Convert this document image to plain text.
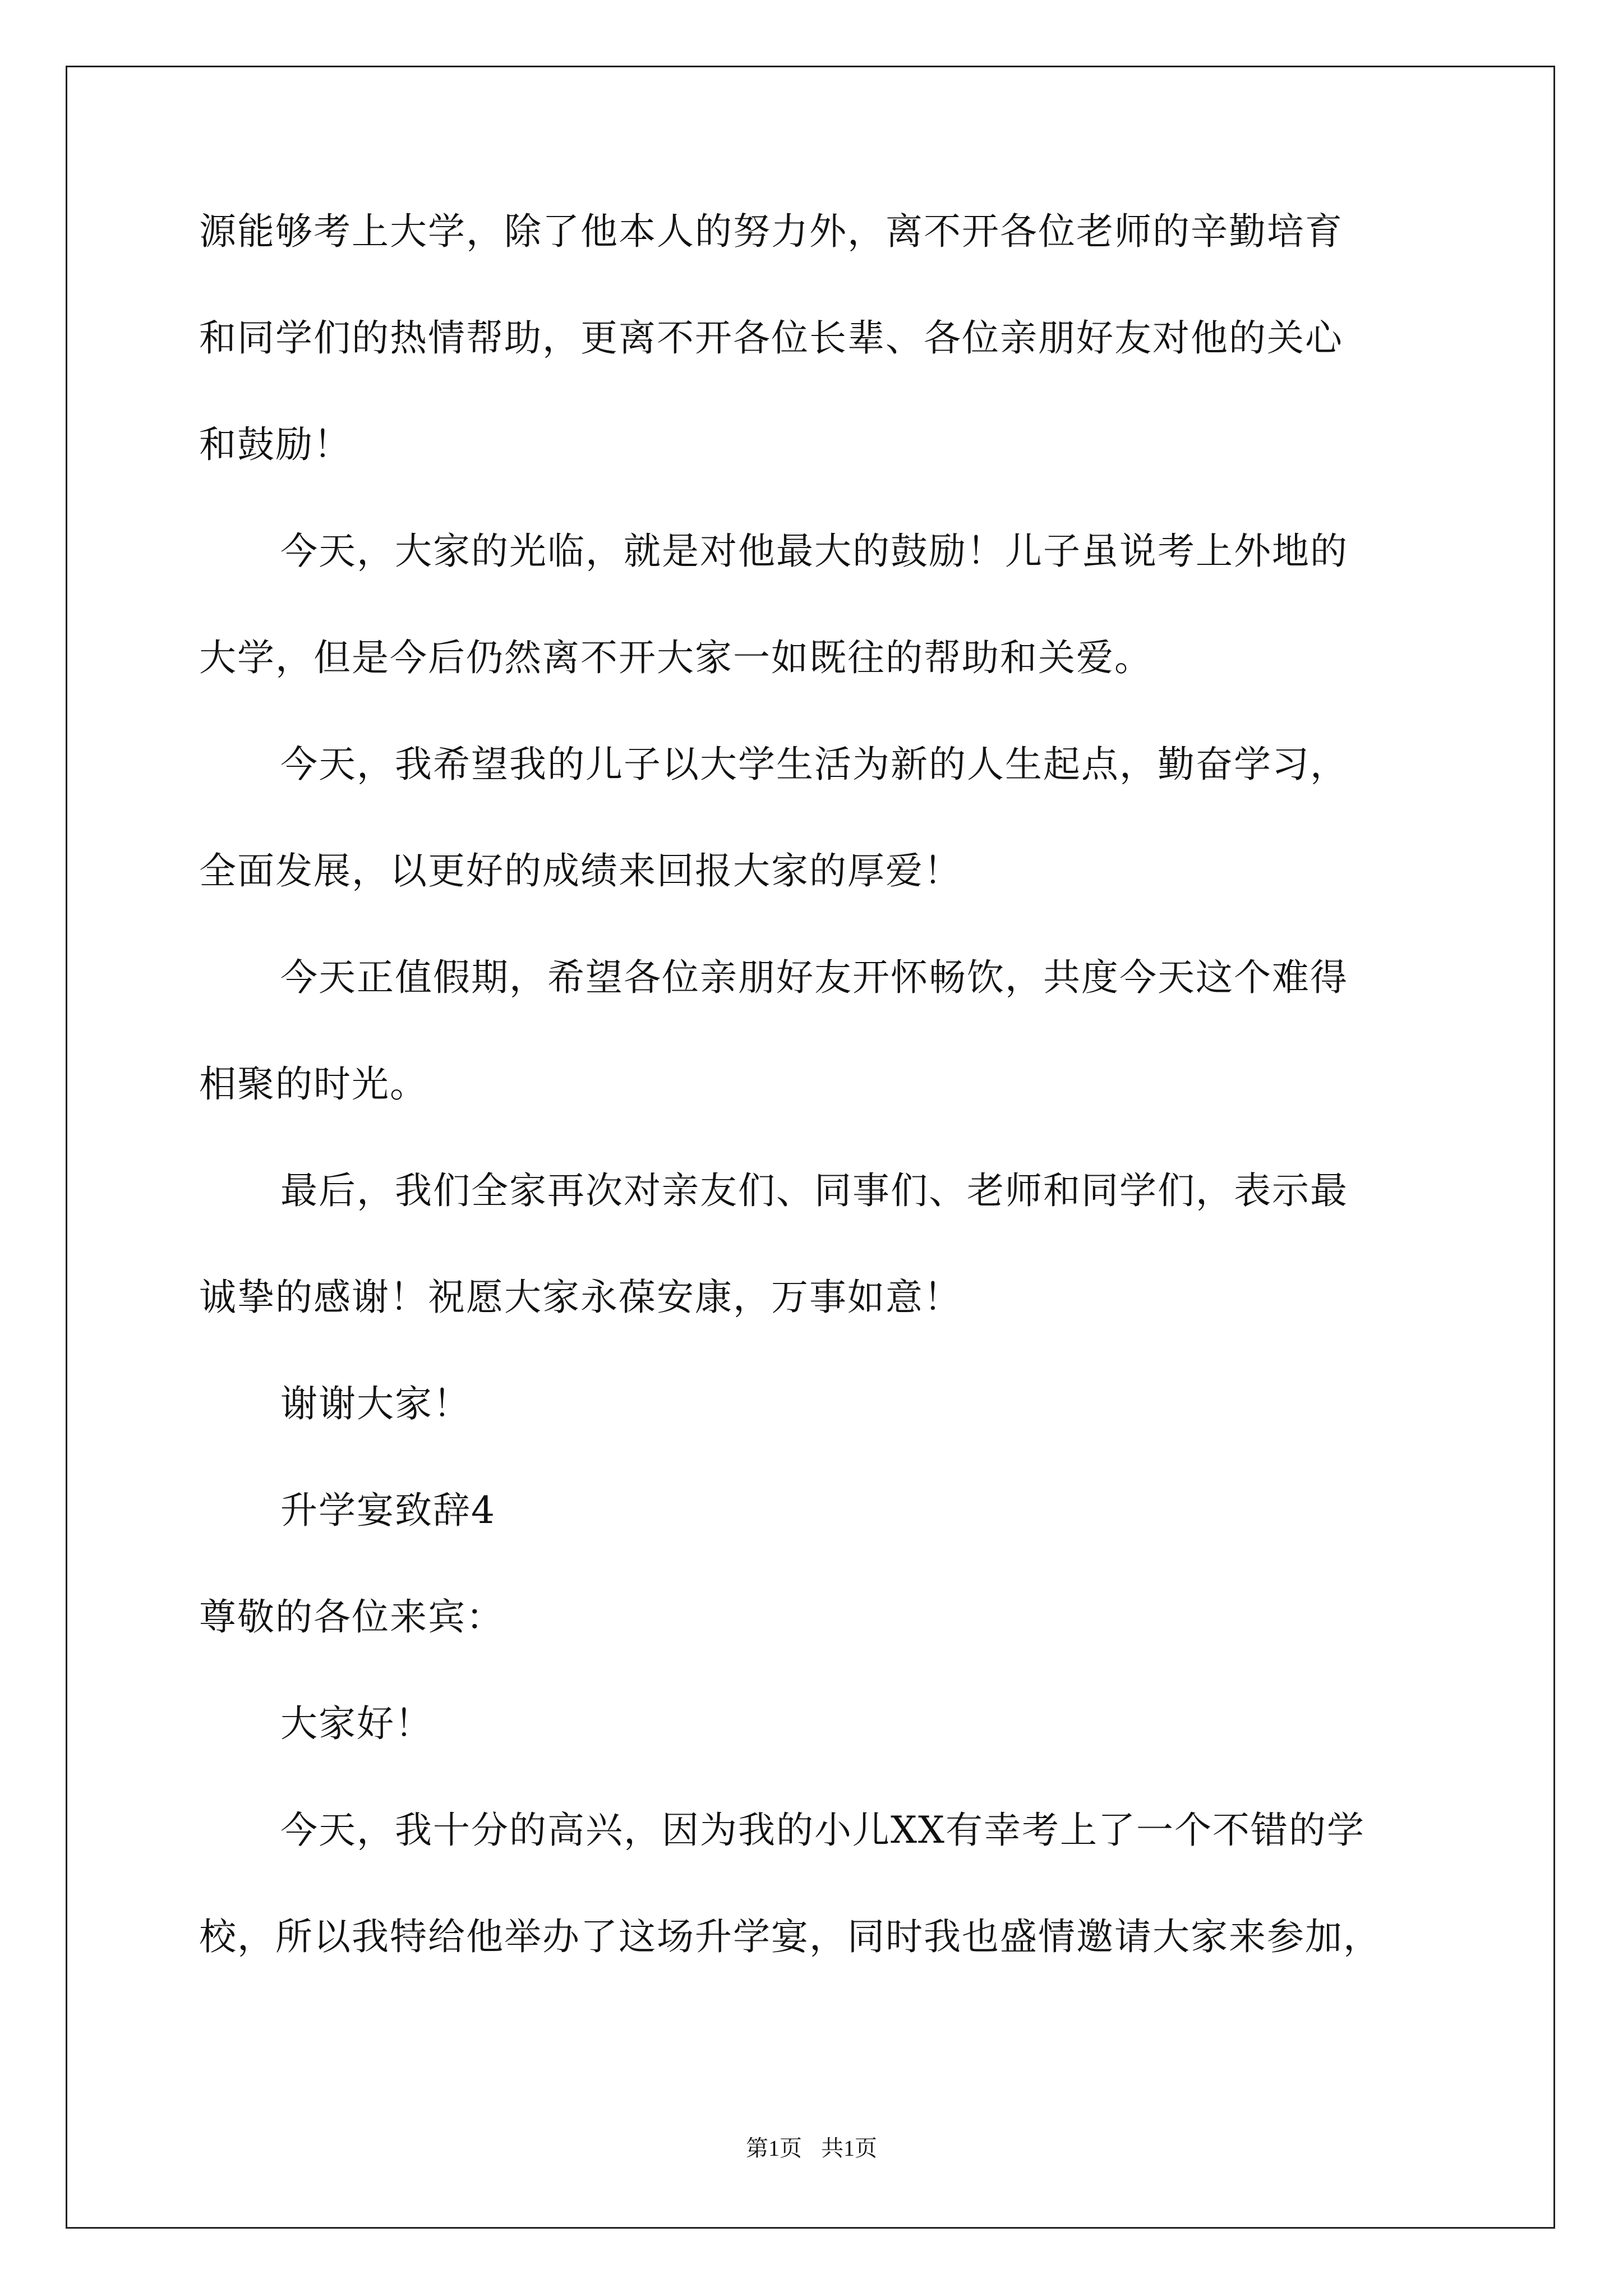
源能够考上大学，除了他本人的努力外，离不开各位老师的辛勤培育
和同学们的热情帮助，更离不开各位长辈、各位亲朋好友对他的关心
和鼓励！
今天，大家的光临，就是对他最大的鼓励！儿子虽说考上外地的
大学，但是今后仍然离不开大家一如既往的帮助和关爱。
今天，我希望我的儿子以大学生活为新的人生起点，勤奋学习，
全面发展，以更好的成绩来回报大家的厚爱！
今天正值假期，希望各位亲朋好友开怀畅饮，共度今天这个难得
相聚的时光。
最后，我们全家再次对亲友们、同事们、老师和同学们，表示最
诚挚的感谢！祝愿大家永葆安康，万事如意！
谢谢大家！
升学宴致辞4
尊敬的各位来宾：
大家好！
今天，我十分的高兴，因为我的小儿XX有幸考上了一个不错的学
校，所以我特给他举办了这场升学宴，同时我也盛情邀请大家来参加，
第1页 共1页
